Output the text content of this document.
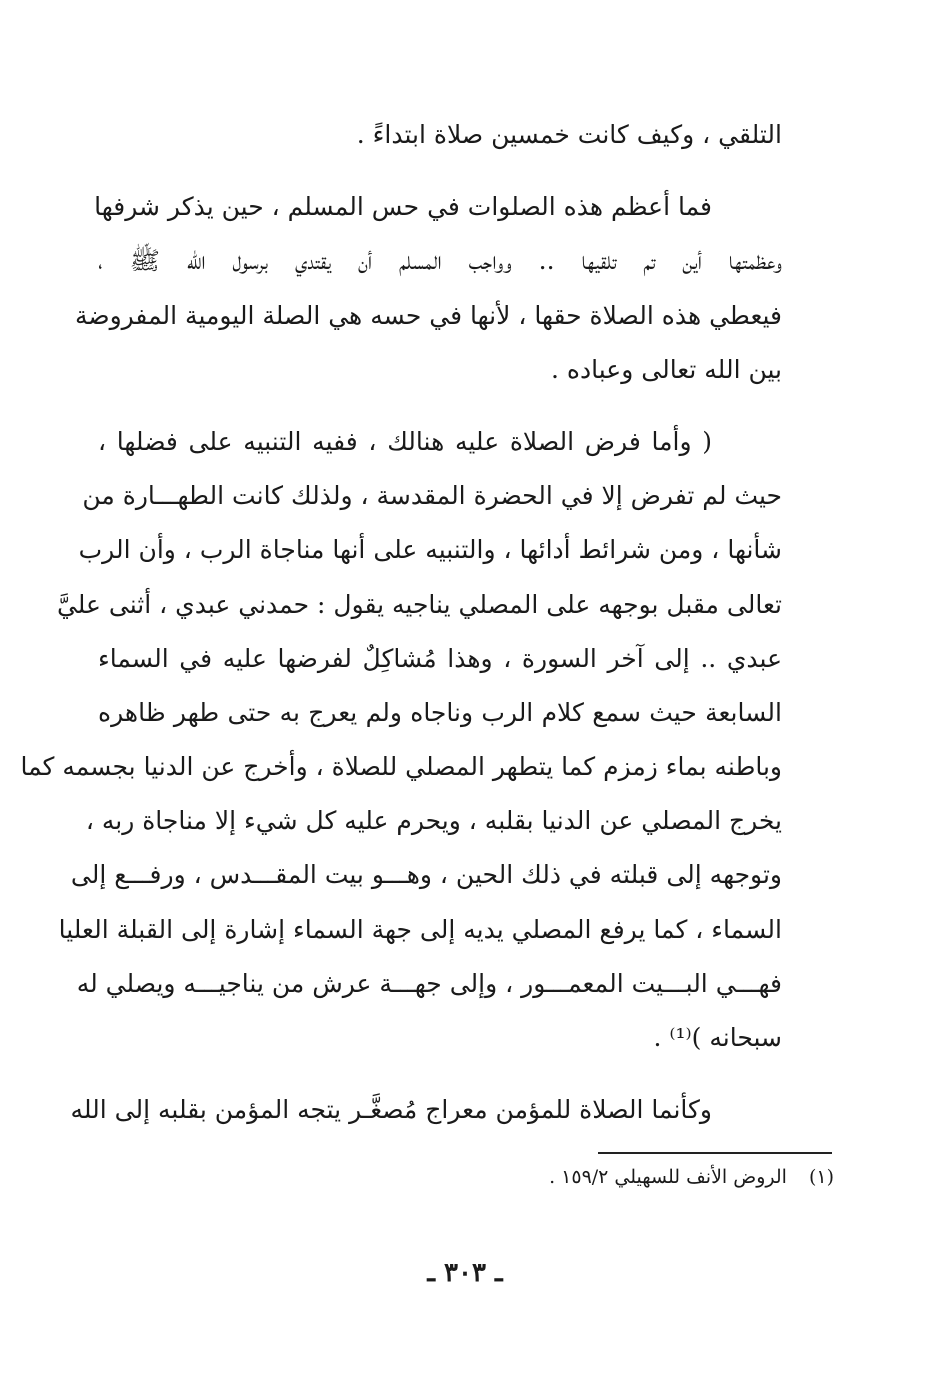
التلقي ، وكيف كانت خمسين صلاة ابتداءً .
فما أعظم هذه الصلوات في حس المسلم ، حين يذكر شرفها
وعظمتها أين تم تلقيها .. وواجب المسلم أن يقتدي برسول الله ﷺ ،
فيعطي هذه الصلاة حقها ، لأنها في حسه هي الصلة اليومية المفروضة
بين الله تعالى وعباده .
( وأما فرض الصلاة عليه هنالك ، ففيه التنبيه على فضلها ،
حيث لم تفرض إلا في الحضرة المقدسة ، ولذلك كانت الطهـــارة من
شأنها ، ومن شرائط أدائها ، والتنبيه على أنها مناجاة الرب ، وأن الرب
تعالى مقبل بوجهه على المصلي يناجيه يقول : حمدني عبدي ، أثنى عليَّ
عبدي .. إلى آخر السورة ، وهذا مُشاكِلٌ لفرضها عليه في السماء
السابعة حيث سمع كلام الرب وناجاه ولم يعرج به حتى طهر ظاهره
وباطنه بماء زمزم كما يتطهر المصلي للصلاة ، وأخرج عن الدنيا بجسمه كما
يخرج المصلي عن الدنيا بقلبه ، ويحرم عليه كل شيء إلا مناجاة ربه ،
وتوجهه إلى قبلته في ذلك الحين ، وهـــو بيت المقـــدس ، ورفـــع إلى
السماء ، كما يرفع المصلي يديه إلى جهة السماء إشارة إلى القبلة العليا
فهـــي البـــيت المعمـــور ، وإلى جهـــة عرش من يناجيـــه ويصلي له
سبحانه )⁽¹⁾ .
وكأنما الصلاة للمؤمن معراج مُصغَّـر يتجه المؤمن بقلبه إلى الله
(١)الروض الأنف للسهيلي ١٥٩/٢ .
ـ ٣٠٣ ـ
